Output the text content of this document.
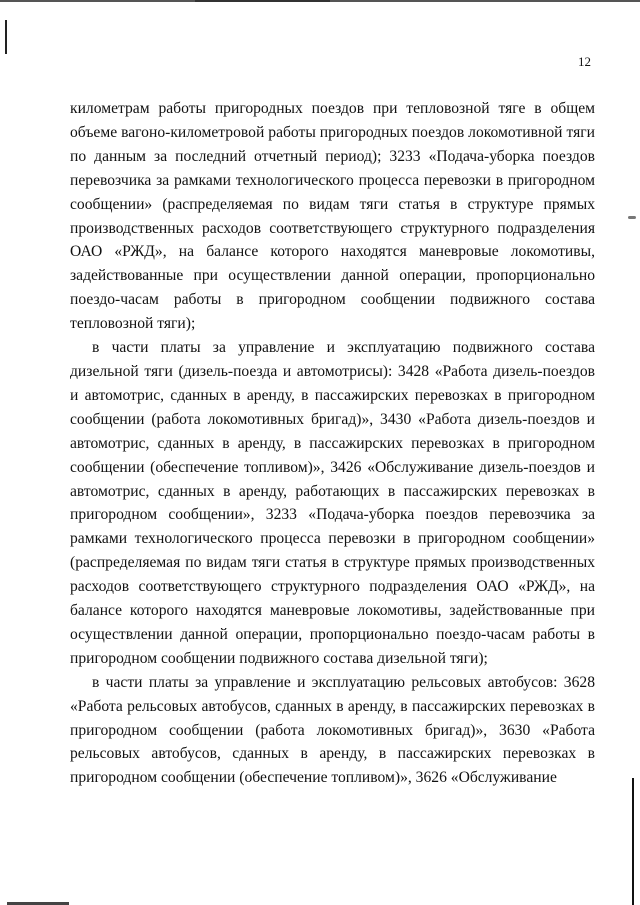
12

километрам работы пригородных поездов при тепловозной тяге в общем объеме вагоно-километровой работы пригородных поездов локомотивной тяги по данным за последний отчетный период); 3233 «Подача-уборка поездов перевозчика за рамками технологического процесса перевозки в пригородном сообщении» (распределяемая по видам тяги статья в структуре прямых производственных расходов соответствующего структурного подразделения ОАО «РЖД», на балансе которого находятся маневровые локомотивы, задействованные при осуществлении данной операции, пропорционально поездо-часам работы в пригородном сообщении подвижного состава тепловозной тяги);

в части платы за управление и эксплуатацию подвижного состава дизельной тяги (дизель-поезда и автомотрисы): 3428 «Работа дизель-поездов и автомотрис, сданных в аренду, в пассажирских перевозках в пригородном сообщении (работа локомотивных бригад)», 3430 «Работа дизель-поездов и автомотрис, сданных в аренду, в пассажирских перевозках в пригородном сообщении (обеспечение топливом)», 3426 «Обслуживание дизель-поездов и автомотрис, сданных в аренду, работающих в пассажирских перевозках в пригородном сообщении», 3233 «Подача-уборка поездов перевозчика за рамками технологического процесса перевозки в пригородном сообщении» (распределяемая по видам тяги статья в структуре прямых производственных расходов соответствующего структурного подразделения ОАО «РЖД», на балансе которого находятся маневровые локомотивы, задействованные при осуществлении данной операции, пропорционально поездо-часам работы в пригородном сообщении подвижного состава дизельной тяги);

в части платы за управление и эксплуатацию рельсовых автобусов: 3628 «Работа рельсовых автобусов, сданных в аренду, в пассажирских перевозках в пригородном сообщении (работа локомотивных бригад)», 3630 «Работа рельсовых автобусов, сданных в аренду, в пассажирских перевозках в пригородном сообщении (обеспечение топливом)», 3626 «Обслуживание
